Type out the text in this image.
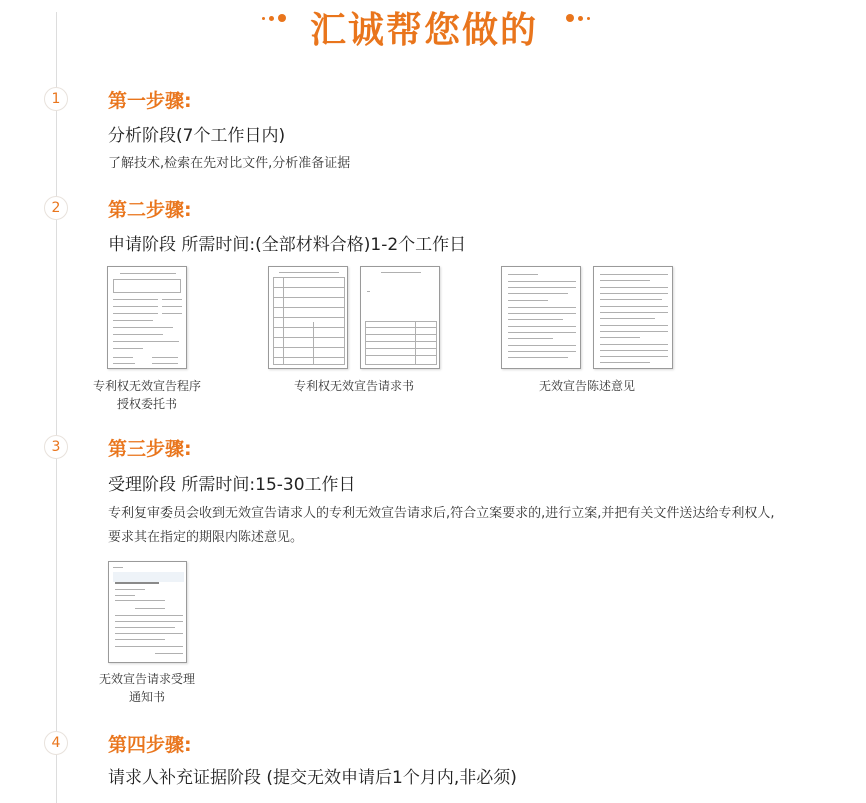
汇诚帮您做的
1	第一步骤:
分析阶段(7个工作日内)
了解技术,检索在先对比文件,分析准备证据
2	第二步骤:
申请阶段 所需时间:(全部材料合格)1-2个工作日
专利权无效宣告程序
授权委托书
专利权无效宣告请求书	无效宣告陈述意见
3	第三步骤:
受理阶段 所需时间:15-30工作日
专利复审委员会收到无效宣告请求人的专利无效宣告请求后,符合立案要求的,进行立案,并把有关文件送达给专利权人,
要求其在指定的期限内陈述意见。
无效宣告请求受理
通知书
4	第四步骤:
请求人补充证据阶段 (提交无效申请后1个月内,非必须)
